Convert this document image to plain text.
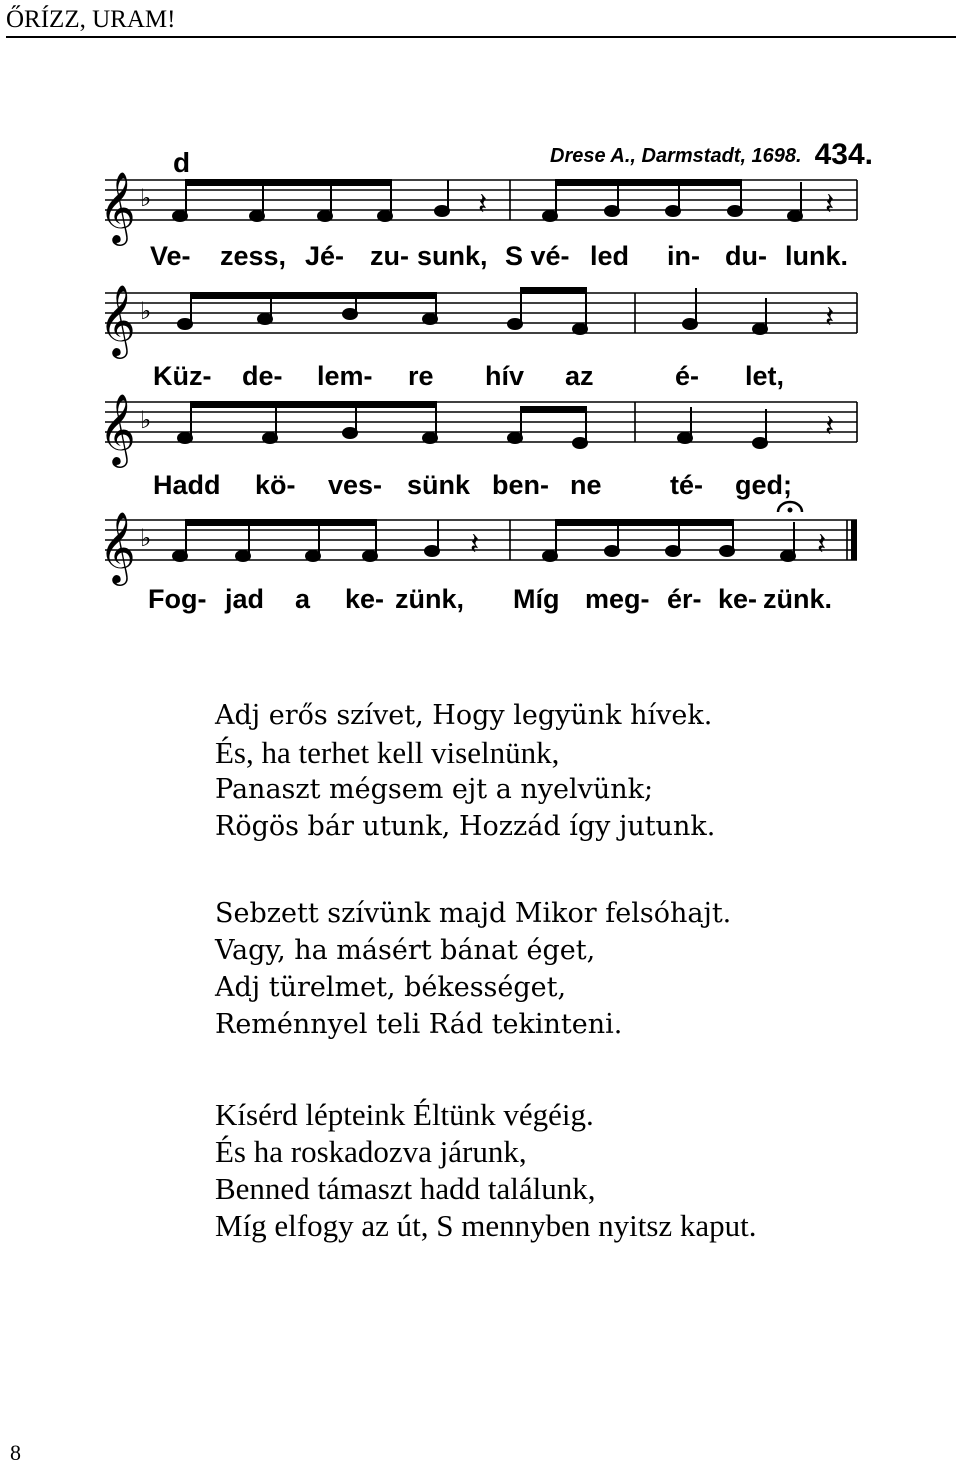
ŐRÍZZ, URAM!
d	Drese A., Darmstadt, 1698. 434.
𝄞 ♭	𝄽	𝄽
Ve- zess, Jé- zu- sunk, S vé- led in- du- lunk.
𝄞 ♭	𝄽
Küz- de- lem- re hív az	é- let,
𝄞 ♭	𝄽
Hadd kö- ves- sünk ben- ne	té- ged;
𝄞 ♭	𝄽	𝄽
Fog- jad a ke- zünk, Míg meg- ér- ke- zünk.
Adj erős szívet, Hogy legyünk hívek.
És, ha terhet kell viselnünk,
Panaszt mégsem ejt a nyelvünk;
Rögös bár utunk, Hozzád így jutunk.
Sebzett szívünk majd Mikor felsóhajt.
Vagy, ha másért bánat éget,
Adj türelmet, békességet,
Reménnyel teli Rád tekinteni.
Kísérd lépteink Éltünk végéig.
És ha roskadozva járunk,
Benned támaszt hadd találunk,
Míg elfogy az út, S mennyben nyitsz kaput.
8
